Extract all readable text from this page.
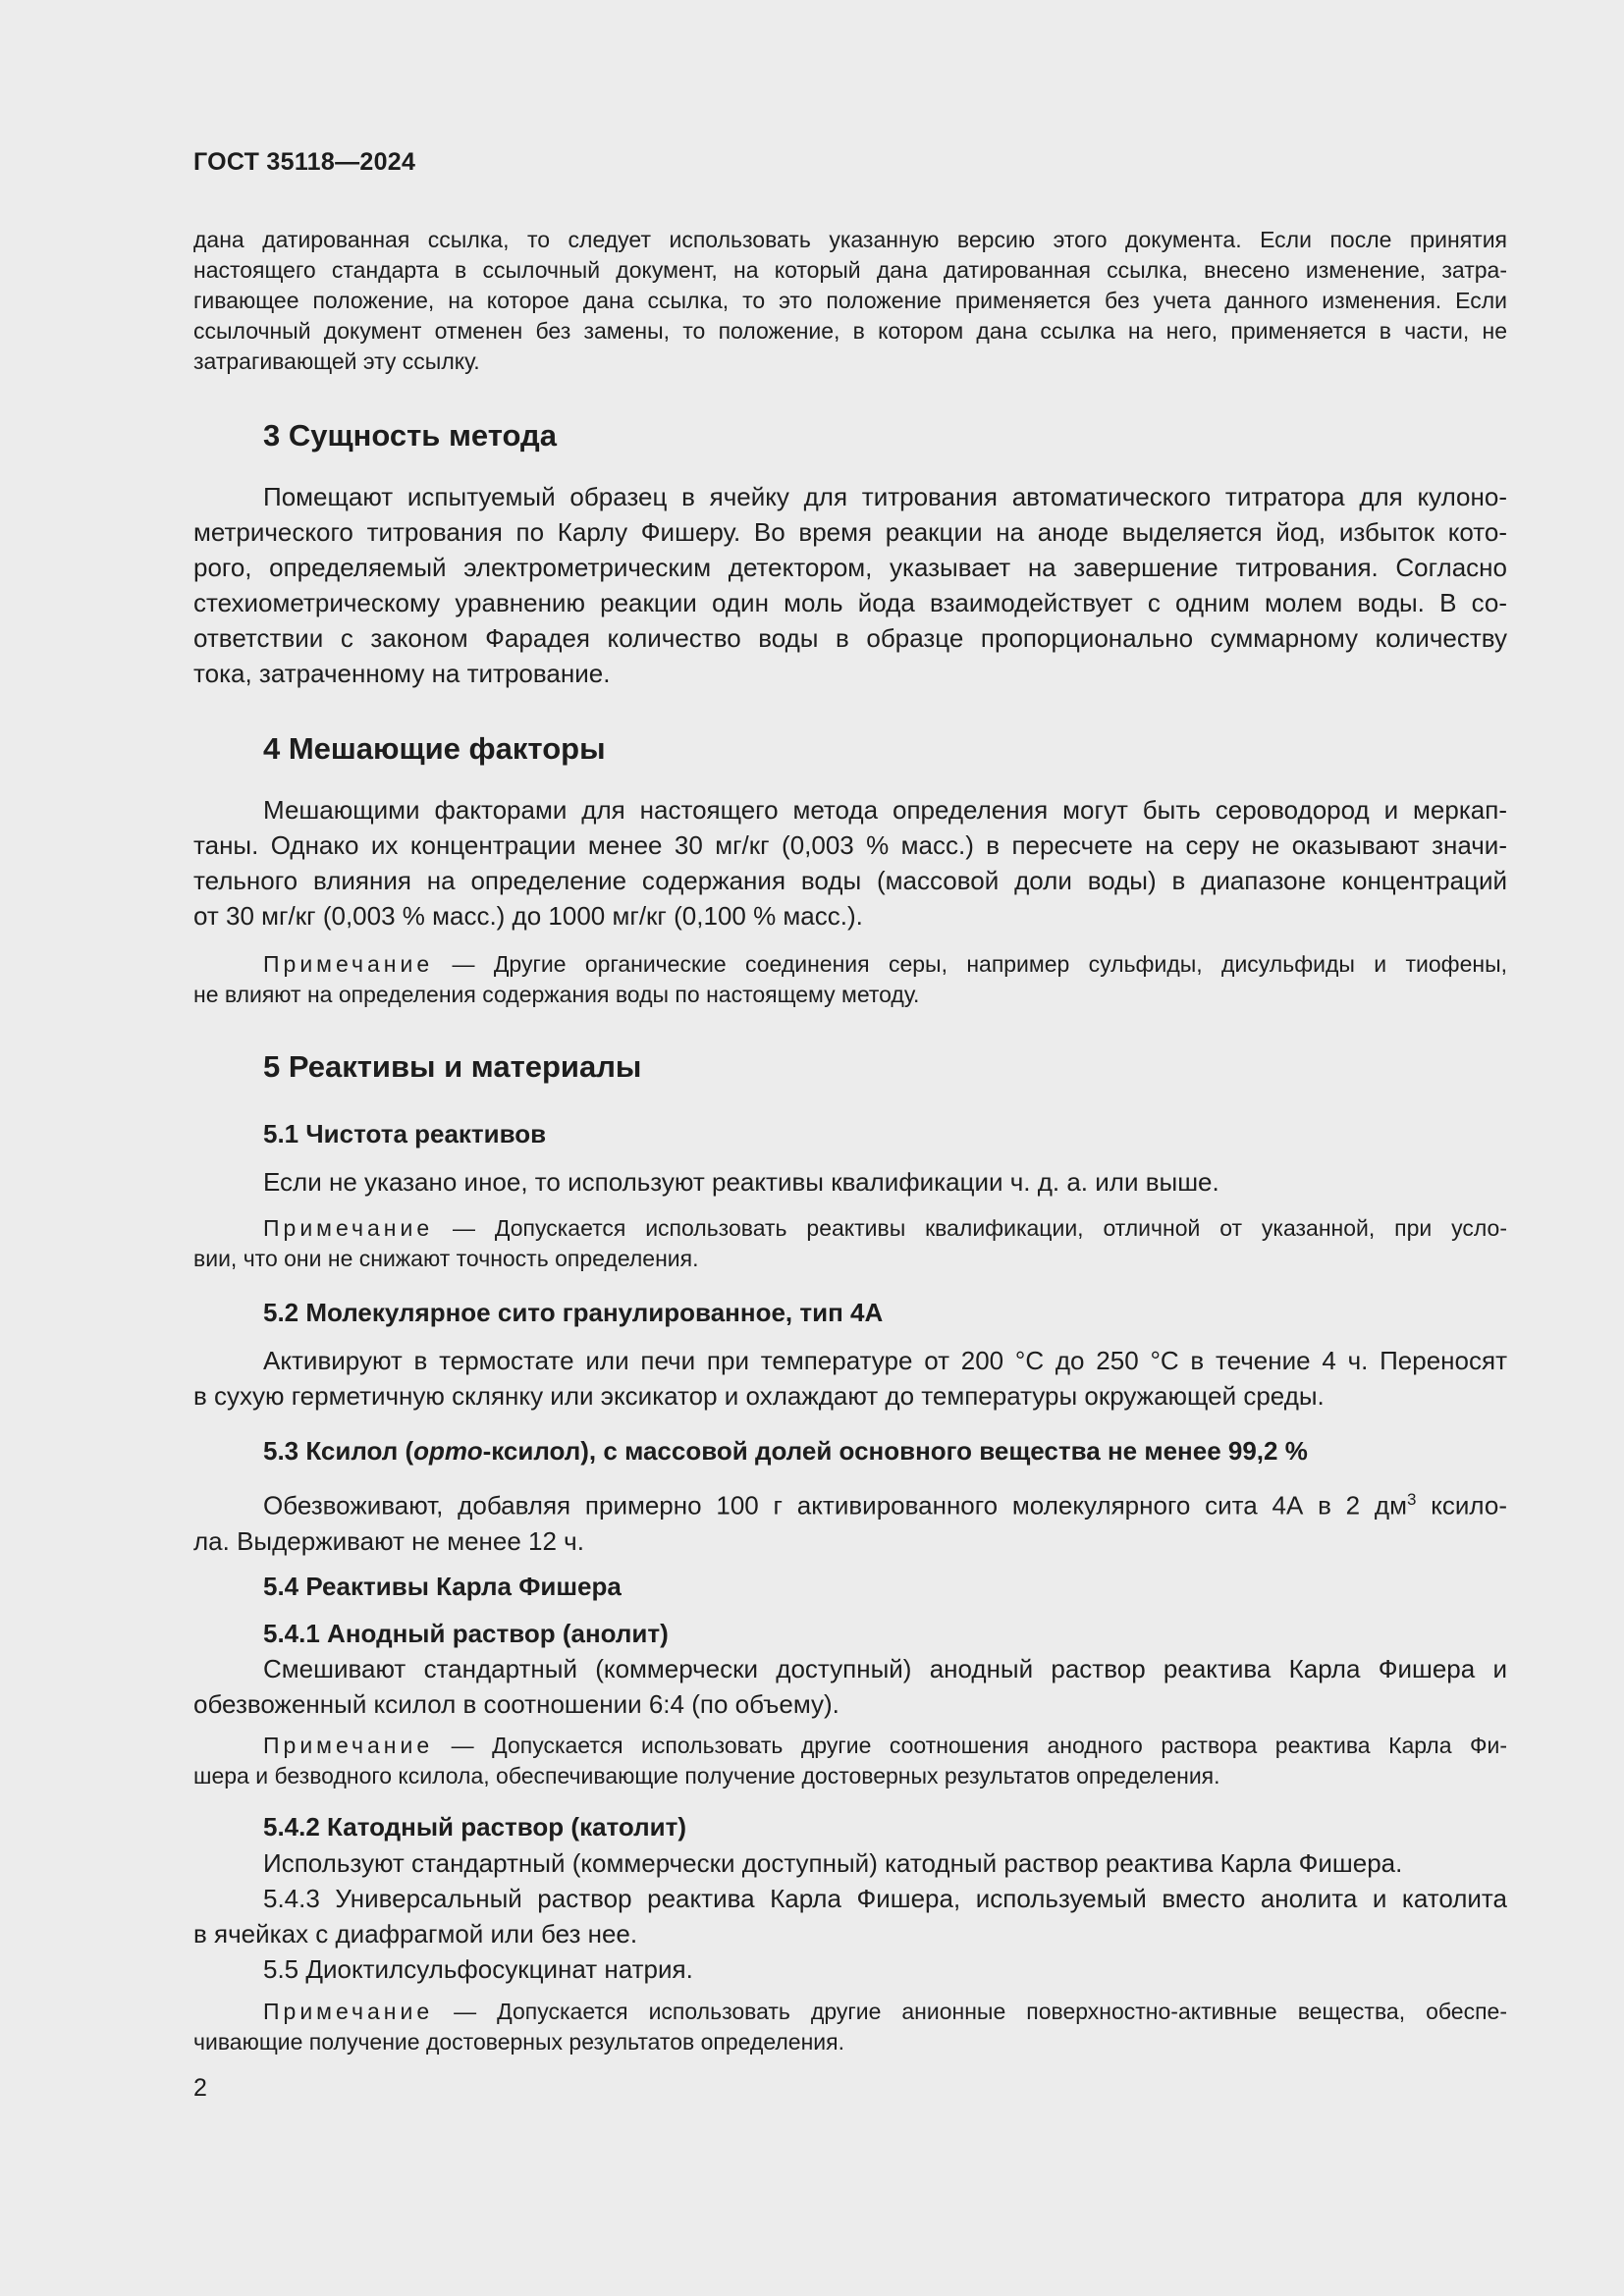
ГОСТ 35118—2024

дана датированная ссылка, то следует использовать указанную версию этого документа. Если после принятия
настоящего стандарта в ссылочный документ, на который дана датированная ссылка, внесено изменение, затра-
гивающее положение, на которое дана ссылка, то это положение применяется без учета данного изменения. Если
ссылочный документ отменен без замены, то положение, в котором дана ссылка на него, применяется в части, не
затрагивающей эту ссылку.

3 Сущность метода

Помещают испытуемый образец в ячейку для титрования автоматического титратора для кулоно-
метрического титрования по Карлу Фишеру. Во время реакции на аноде выделяется йод, избыток кото-
рого, определяемый электрометрическим детектором, указывает на завершение титрования. Согласно
стехиометрическому уравнению реакции один моль йода взаимодействует с одним молем воды. В со-
ответствии с законом Фарадея количество воды в образце пропорционально суммарному количеству
тока, затраченному на титрование.

4 Мешающие факторы

Мешающими факторами для настоящего метода определения могут быть сероводород и меркап-
таны. Однако их концентрации менее 30 мг/кг (0,003 % масс.) в пересчете на серу не оказывают значи-
тельного влияния на определение содержания воды (массовой доли воды) в диапазоне концентраций
от 30 мг/кг (0,003 % масс.) до 1000 мг/кг (0,100 % масс.).
Примечание — Другие органические соединения серы, например сульфиды, дисульфиды и тиофены,
не влияют на определения содержания воды по настоящему методу.

5 Реактивы и материалы

5.1 Чистота реактивов

Если не указано иное, то используют реактивы квалификации ч. д. а. или выше.
Примечание — Допускается использовать реактивы квалификации, отличной от указанной, при усло-
вии, что они не снижают точность определения.

5.2 Молекулярное сито гранулированное, тип 4А

Активируют в термостате или печи при температуре от 200 °С до 250 °С в течение 4 ч. Переносят
в сухую герметичную склянку или эксикатор и охлаждают до температуры окружающей среды.

5.3 Ксилол (орто-ксилол), с массовой долей основного вещества не менее 99,2 %

Обезвоживают, добавляя примерно 100 г активированного молекулярного сита 4А в 2 $дм^3$ ксило-
ла. Выдерживают не менее 12 ч.

5.4 Реактивы Карла Фишера

5.4.1 Анодный раствор (анолит)

Смешивают стандартный (коммерчески доступный) анодный раствор реактива Карла Фишера и
обезвоженный ксилол в соотношении 6:4 (по объему).
Примечание — Допускается использовать другие соотношения анодного раствора реактива Карла Фи-
шера и безводного ксилола, обеспечивающие получение достоверных результатов определения.

5.4.2 Катодный раствор (католит)

Используют стандартный (коммерчески доступный) катодный раствор реактива Карла Фишера.
5.4.3 Универсальный раствор реактива Карла Фишера, используемый вместо анолита и католита
в ячейках с диафрагмой или без нее.
5.5 Диоктилсульфосукцинат натрия.
Примечание — Допускается использовать другие анионные поверхностно-активные вещества, обеспе-
чивающие получение достоверных результатов определения.

2
